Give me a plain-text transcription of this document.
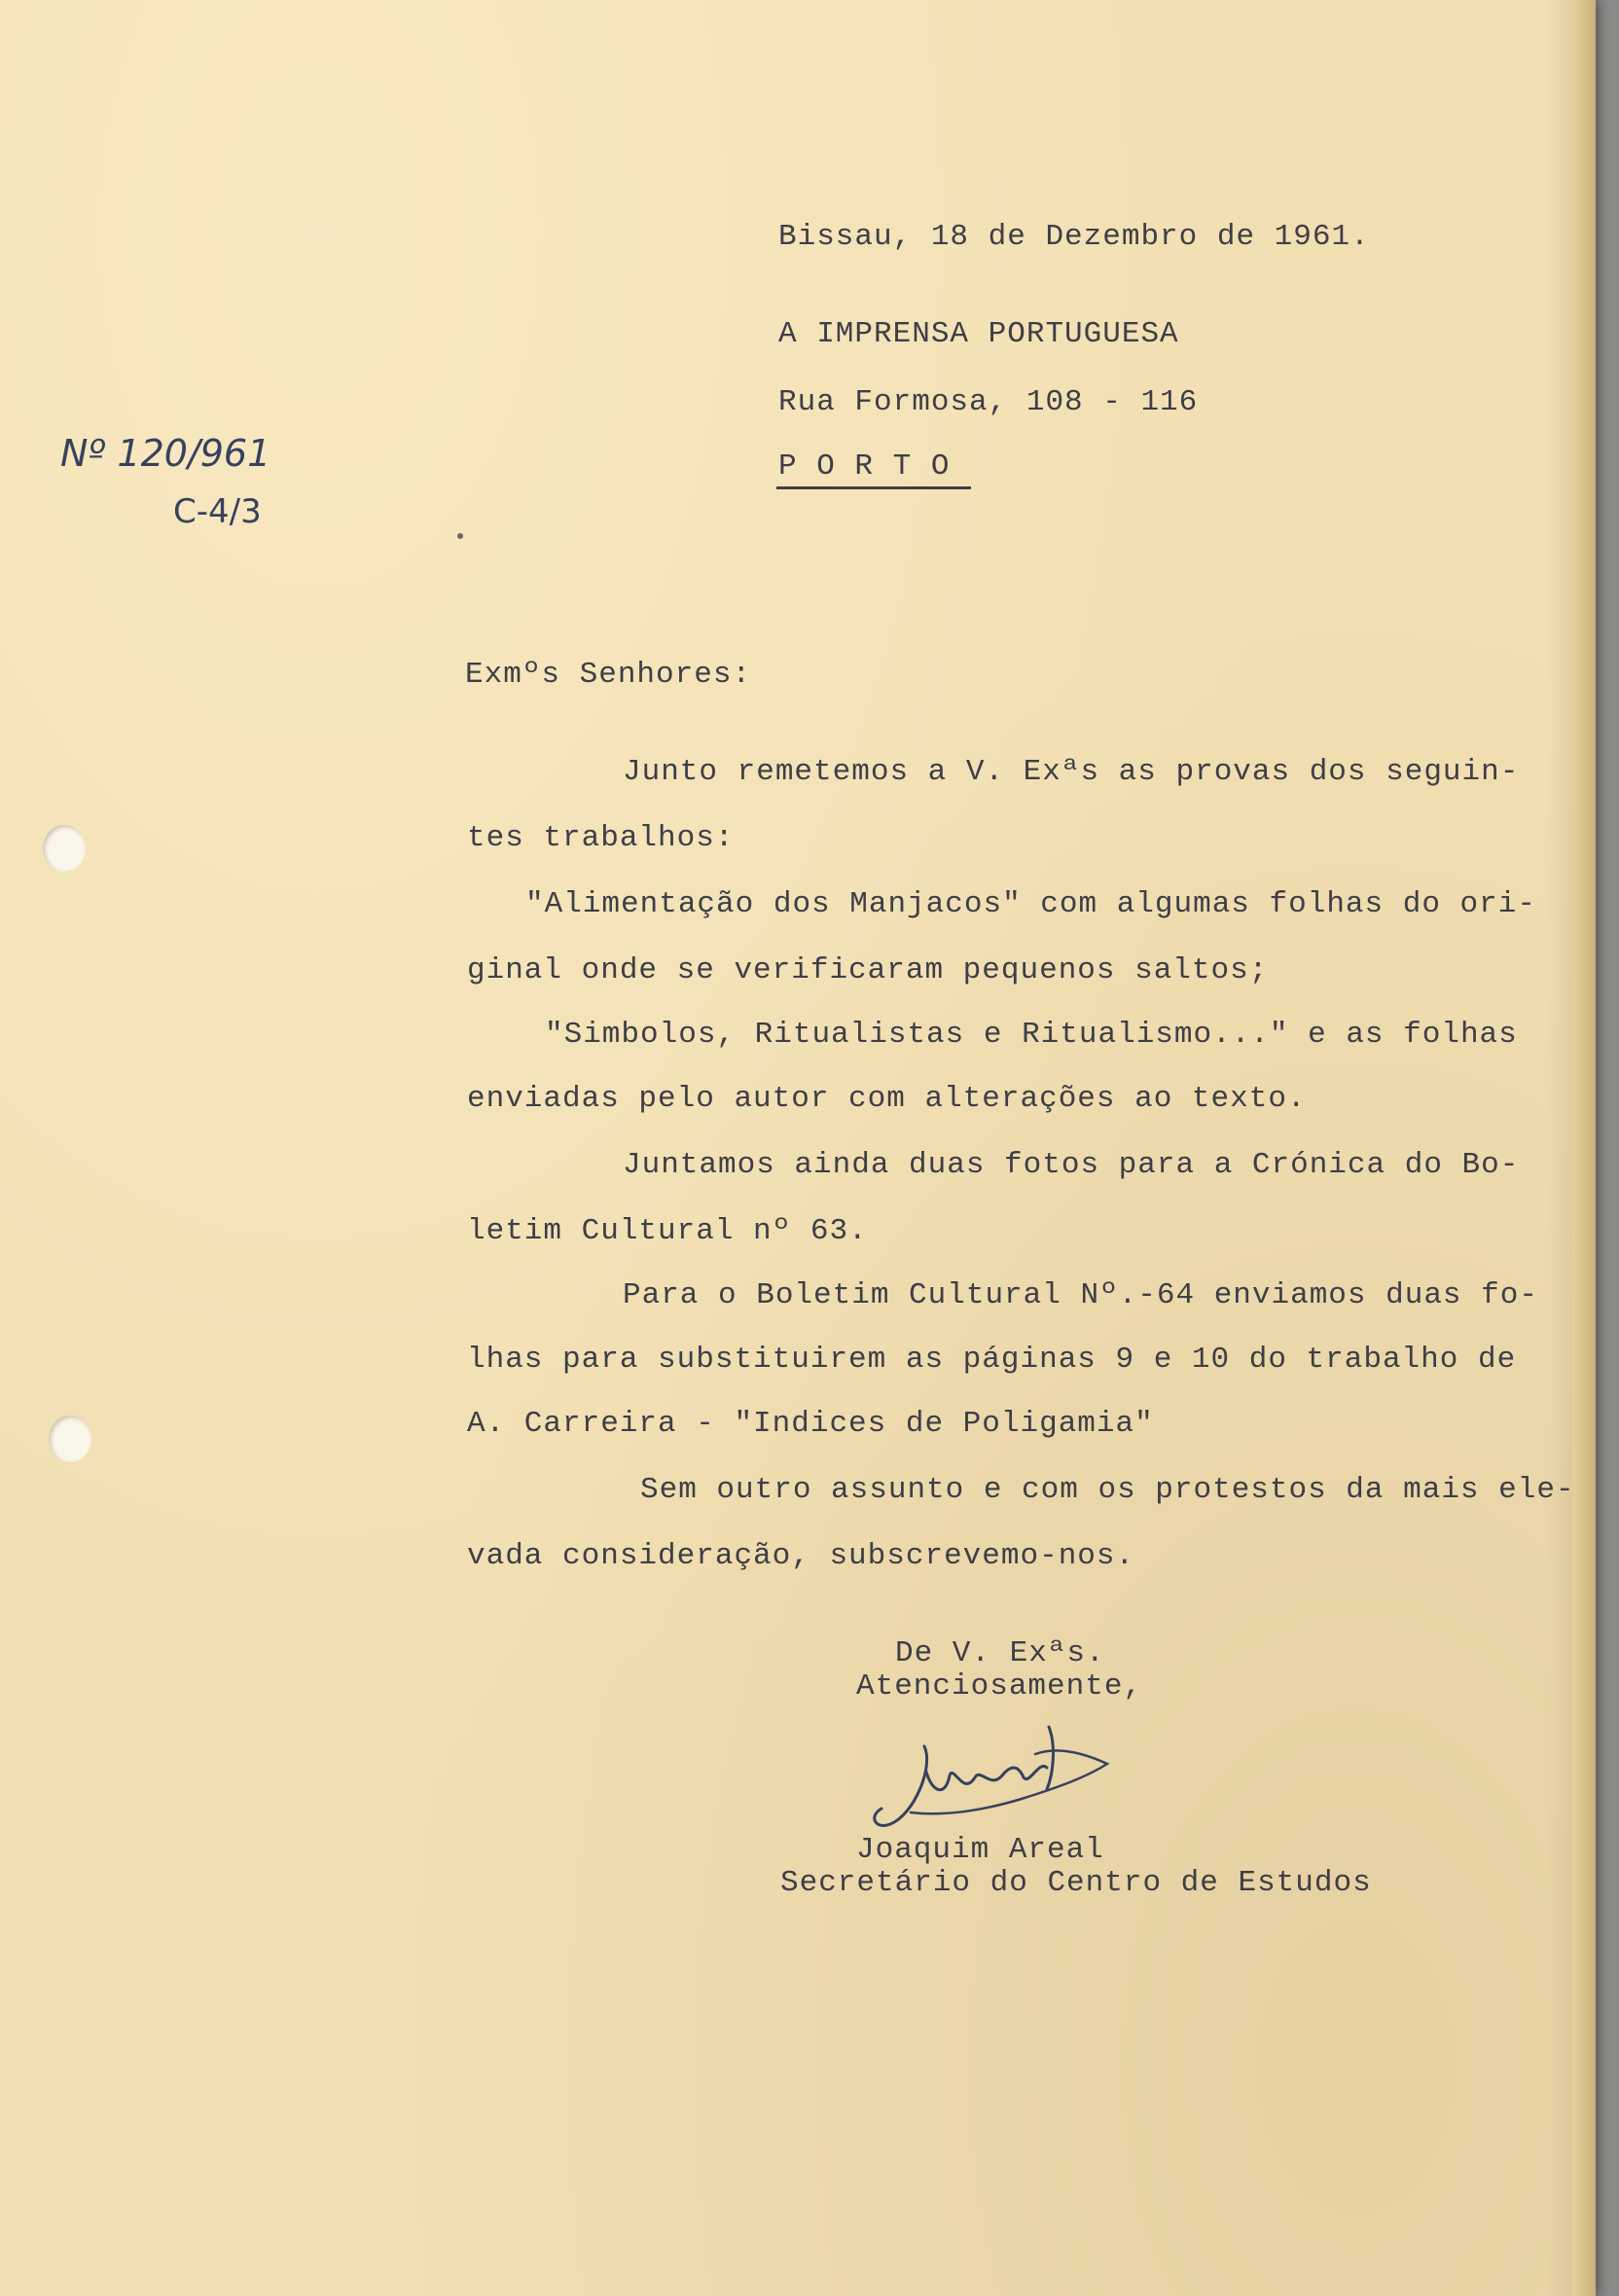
Bissau, 18 de Dezembro de 1961.

A IMPRENSA PORTUGUESA

Rua Formosa, 108 - 116

P O R T O

Nº 120/961

C-4/3

Exmºs Senhores:

Junto remetemos a V. Exªs as provas dos seguin-

tes trabalhos:

"Alimentação dos Manjacos" com algumas folhas do ori-

ginal onde se verificaram pequenos saltos;

"Simbolos, Ritualistas e Ritualismo..." e as folhas

enviadas pelo autor com alterações ao texto.

Juntamos ainda duas fotos para a Crónica do Bo-

letim Cultural nº 63.

Para o Boletim Cultural Nº.-64 enviamos duas fo-

lhas para substituirem as páginas 9 e 10 do trabalho de

A. Carreira - "Indices de Poligamia"

Sem outro assunto e com os protestos da mais ele-

vada consideração, subscrevemo-nos.

De V. Exªs.

Atenciosamente,

Joaquim Areal

Secretário do Centro de Estudos
